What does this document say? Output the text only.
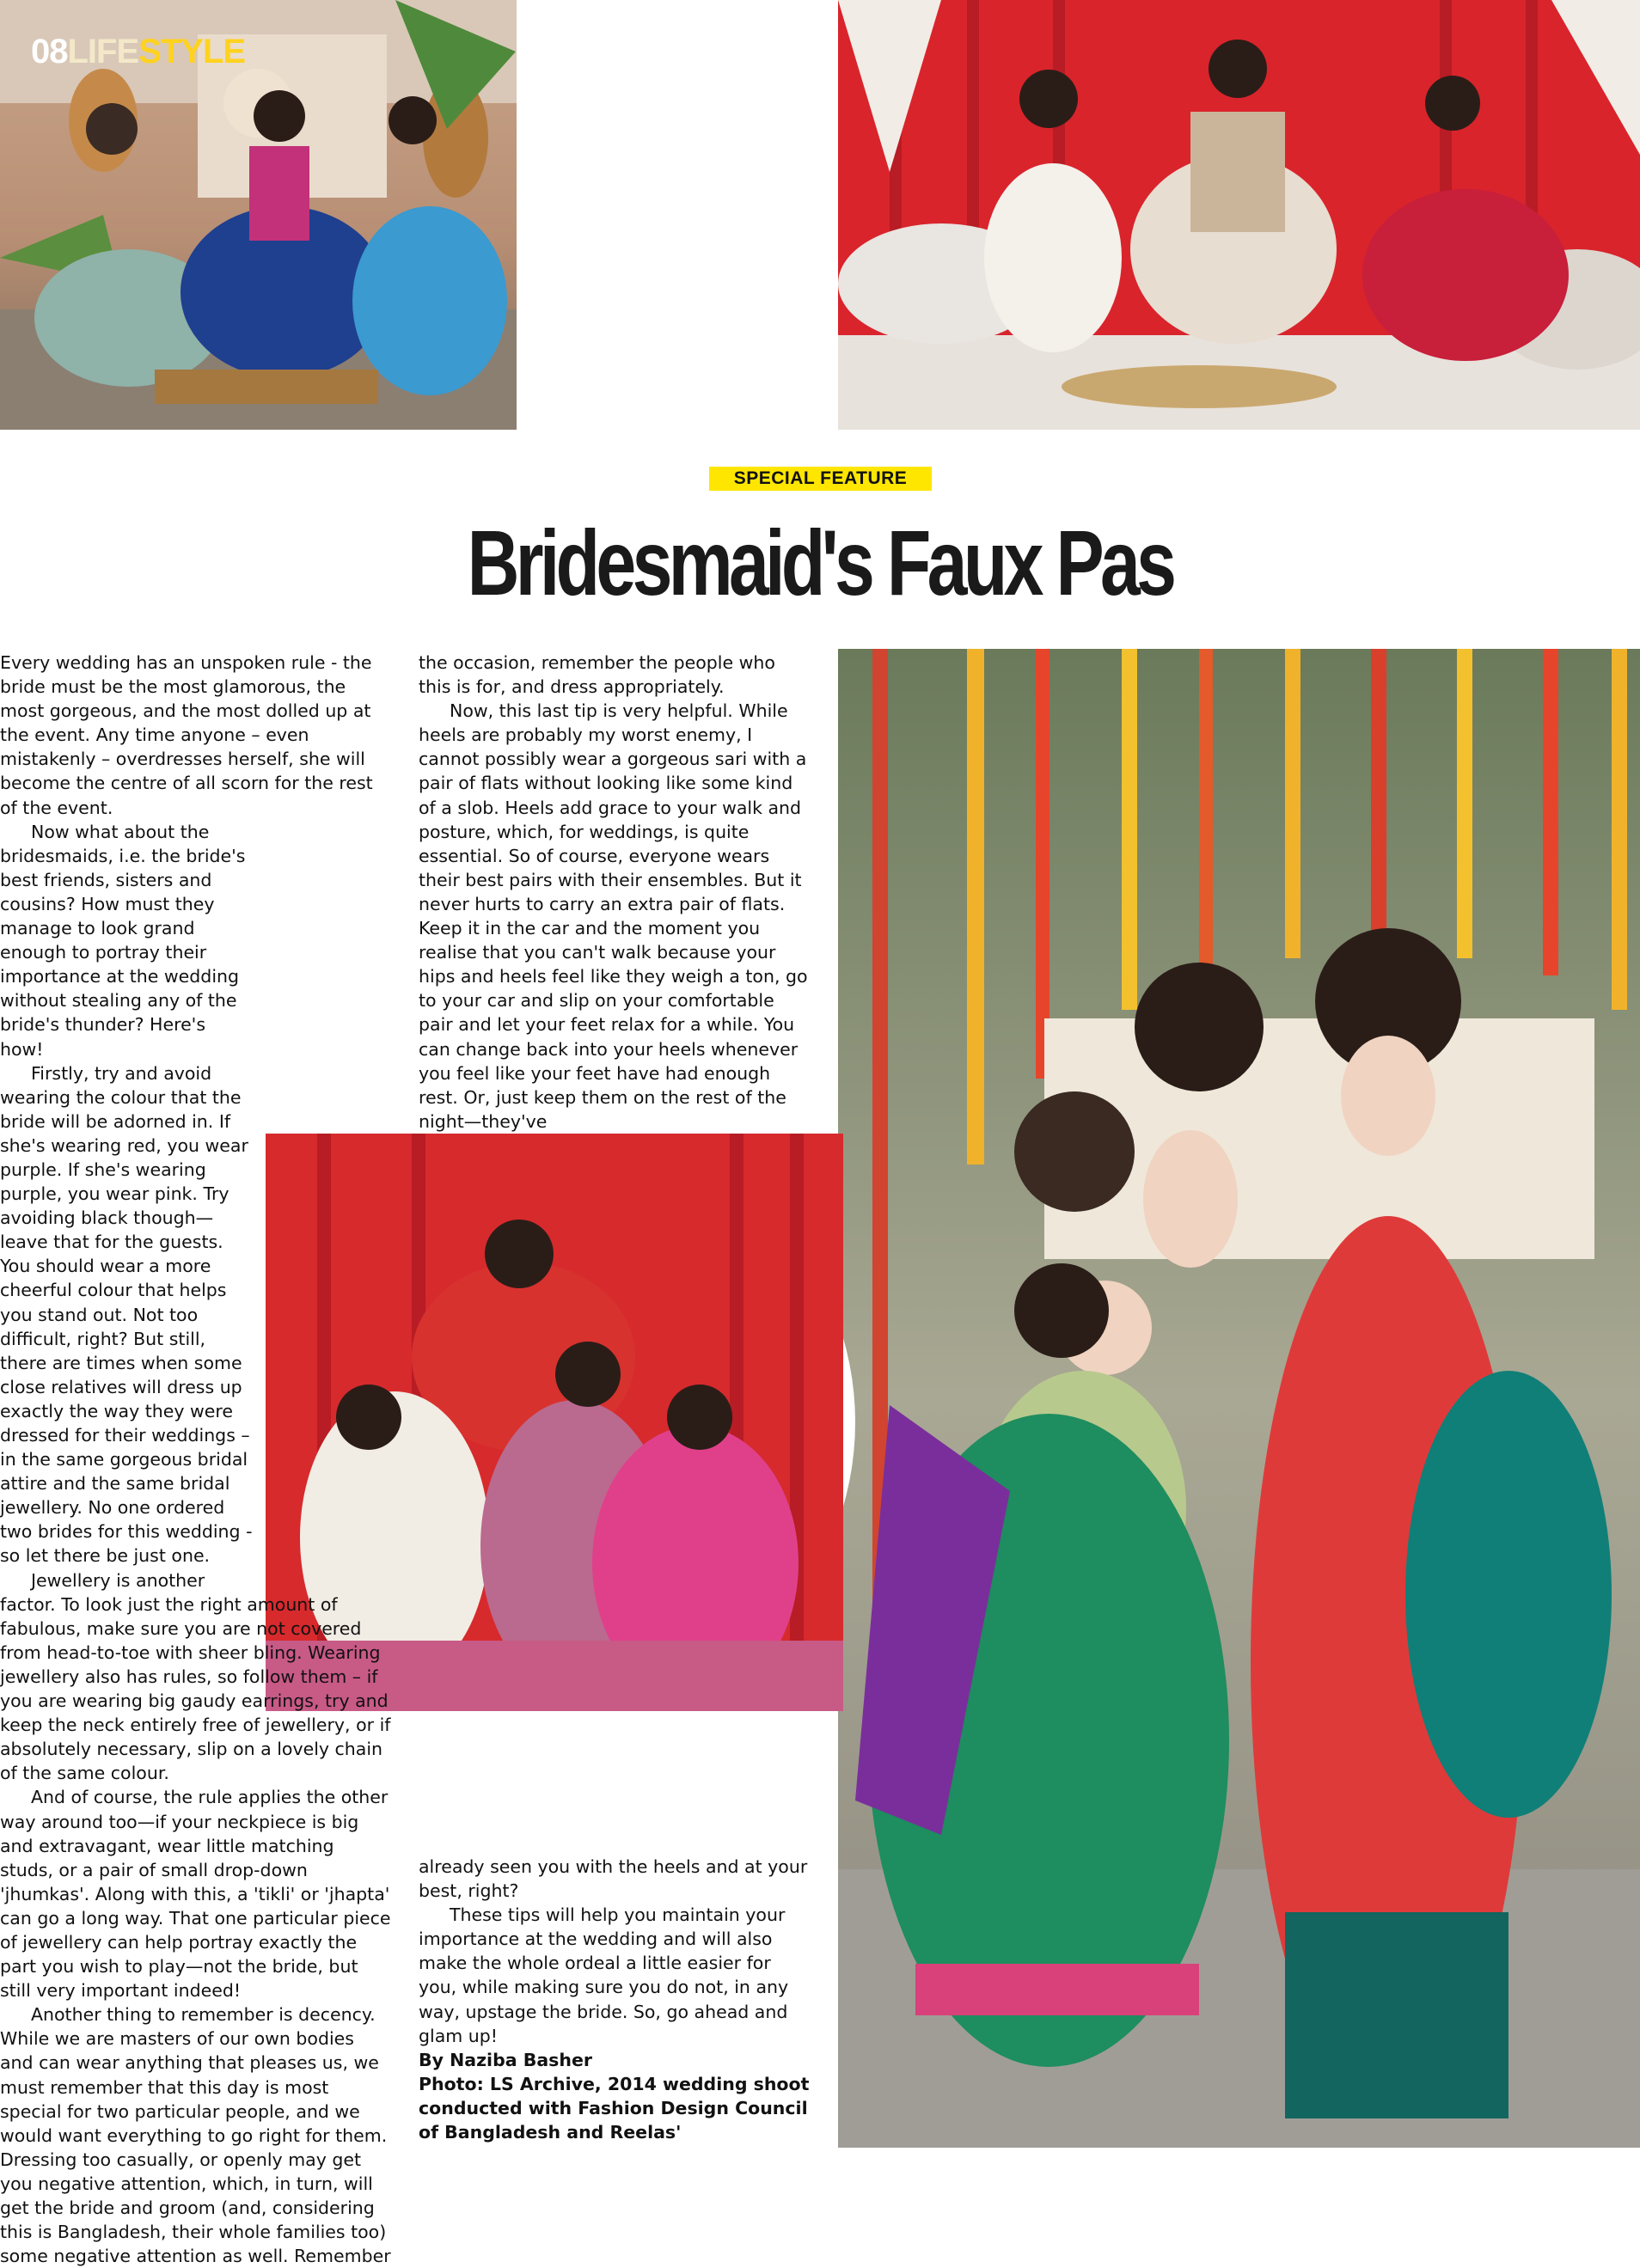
08LIFESTYLE
SPECIAL FEATURE
Bridesmaid's Faux Pas

Every wedding has an unspoken rule - the bride must be the most glamorous, the most gorgeous, and the most dolled up at the event. Any time anyone – even mistakenly – overdresses herself, she will become the centre of all scorn for the rest of the event.

Now what about the bridesmaids, i.e. the bride's best friends, sisters and cousins? How must they manage to look grand enough to portray their importance at the wedding without stealing any of the bride's thunder? Here's how!

Firstly, try and avoid wearing the colour that the bride will be adorned in. If she's wearing red, you wear purple. If she's wearing purple, you wear pink. Try avoiding black though— leave that for the guests. You should wear a more cheerful colour that helps you stand out. Not too difficult, right? But still, there are times when some close relatives will dress up exactly the way they were dressed for their weddings – in the same gorgeous bridal attire and the same bridal jewellery. No one ordered two brides for this wedding - so let there be just one.

Jewellery is another factor. To look just the right amount of fabulous, make sure you are not covered from head-to-toe with sheer bling. Wearing jewellery also has rules, so follow them – if you are wearing big gaudy earrings, try and keep the neck entirely free of jewellery, or if absolutely necessary, slip on a lovely chain of the same colour.

And of course, the rule applies the other way around too—if your neckpiece is big and extravagant, wear little matching studs, or a pair of small drop-down 'jhumkas'. Along with this, a 'tikli' or 'jhapta' can go a long way. That one particular piece of jewellery can help portray exactly the part you wish to play—not the bride, but still very important indeed!

Another thing to remember is decency. While we are masters of our own bodies and can wear anything that pleases us, we must remember that this day is most special for two particular people, and we would want everything to go right for them. Dressing too casually, or openly may get you negative attention, which, in turn, will get the bride and groom (and, considering this is Bangladesh, their whole families too) some negative attention as well. Remember

the occasion, remember the people who this is for, and dress appropriately.

Now, this last tip is very helpful. While heels are probably my worst enemy, I cannot possibly wear a gorgeous sari with a pair of flats without looking like some kind of a slob. Heels add grace to your walk and posture, which, for weddings, is quite essential. So of course, everyone wears their best pairs with their ensembles. But it never hurts to carry an extra pair of flats. Keep it in the car and the moment you realise that you can't walk because your hips and heels feel like they weigh a ton, go to your car and slip on your comfortable pair and let your feet relax for a while. You can change back into your heels whenever you feel like your feet have had enough rest. Or, just keep them on the rest of the night—they've

already seen you with the heels and at your best, right?

These tips will help you maintain your importance at the wedding and will also make the whole ordeal a little easier for you, while making sure you do not, in any way, upstage the bride. So, go ahead and glam up!

By Naziba Basher

Photo: LS Archive, 2014 wedding shoot conducted with Fashion Design Council of Bangladesh and Reelas'
